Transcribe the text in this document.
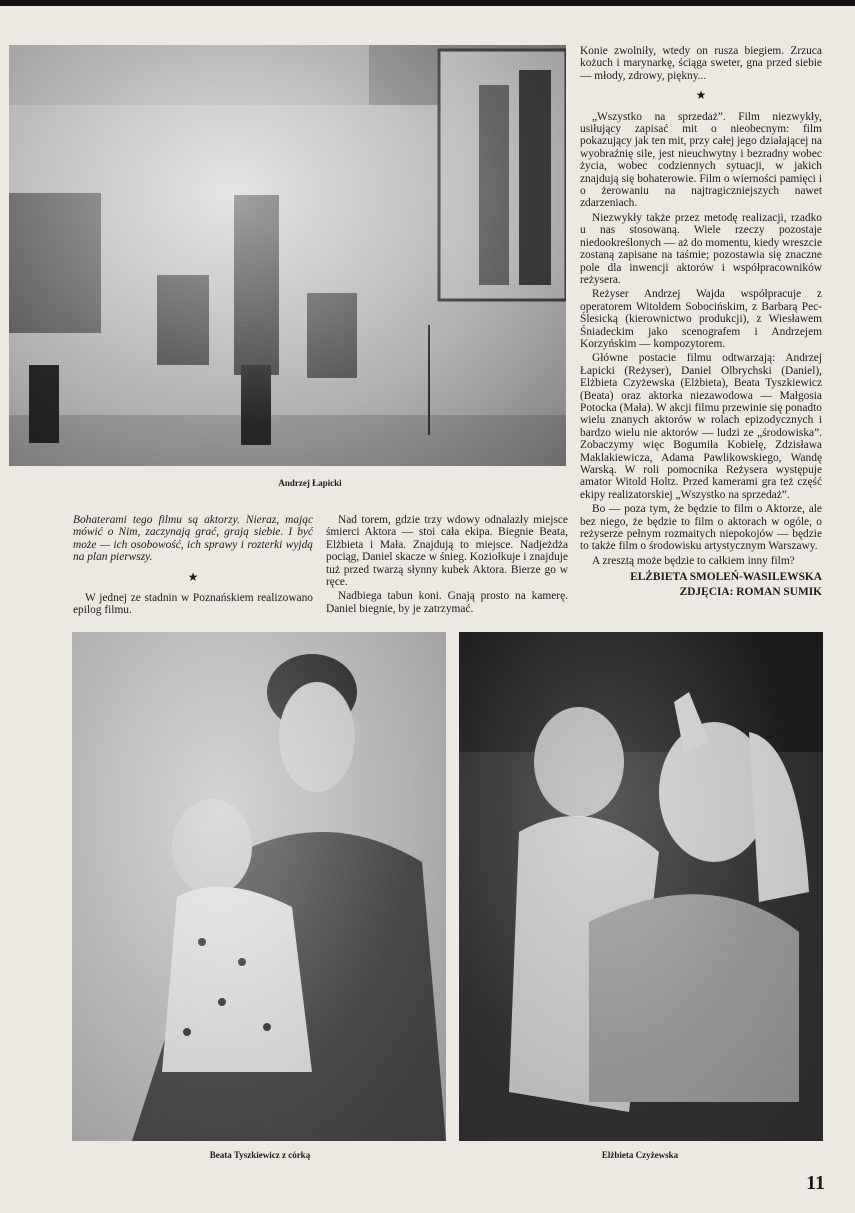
Andrzej Łapicki

Bohaterami tego filmu są aktorzy. Nieraz, mając mówić o Nim, zaczynają grać, grają siebie. I być może — ich osobowość, ich sprawy i rozterki wyjdą na plan pierwszy.

★

W jednej ze stadnin w Poznańskiem realizowano epilog filmu.

Nad torem, gdzie trzy wdowy odnalazły miejsce śmierci Aktora — stoi cała ekipa. Biegnie Beata, Elżbieta i Mała. Znajdują to miejsce. Nadjeżdża pociąg, Daniel skacze w śnieg. Koziołkuje i znajduje tuż przed twarzą słynny kubek Aktora. Bierze go w ręce.

Nadbiega tabun koni. Gnają prosto na kamerę. Daniel biegnie, by je zatrzymać.

Konie zwolniły, wtedy on rusza biegiem. Zrzuca kożuch i marynarkę, ściąga sweter, gna przed siebie — młody, zdrowy, piękny...

★

„Wszystko na sprzedaż”. Film niezwykły, usiłujący zapisać mit o nieobecnym: film pokazujący jak ten mit, przy całej jego działającej na wyobraźnię sile, jest nieuchwytny i bezradny wobec życia, wobec codziennych sytuacji, w jakich znajdują się bohaterowie. Film o wierności pamięci i o żerowaniu na najtragiczniejszych nawet zdarzeniach.

Niezwykły także przez metodę realizacji, rzadko u nas stosowaną. Wiele rzeczy pozostaje niedookreślonych — aż do momentu, kiedy wreszcie zostaną zapisane na taśmie; pozostawia się znaczne pole dla inwencji aktorów i współpracowników reżysera.

Reżyser Andrzej Wajda współpracuje z operatorem Witoldem Sobocińskim, z Barbarą Pec-Ślesicką (kierownictwo produkcji), z Wiesławem Śniadeckim jako scenografem i Andrzejem Korzyńskim — kompozytorem.

Główne postacie filmu odtwarzają: Andrzej Łapicki (Reżyser), Daniel Olbrychski (Daniel), Elżbieta Czyżewska (Elżbieta), Beata Tyszkiewicz (Beata) oraz aktorka niezawodowa — Małgosia Potocka (Mała). W akcji filmu przewinie się ponadto wielu znanych aktorów w rolach epizodycznych i bardzo wielu nie aktorów — ludzi ze „środowiska”. Zobaczymy więc Bogumiła Kobielę, Zdzisława Maklakiewicza, Adama Pawlikowskiego, Wandę Warską. W roli pomocnika Reżysera występuje amator Witold Holtz. Przed kamerami gra też część ekipy realizatorskiej „Wszystko na sprzedaż”.

Bo — poza tym, że będzie to film o Aktorze, ale bez niego, że będzie to film o aktorach w ogóle, o reżyserze pełnym rozmaitych niepokojów — będzie to także film o środowisku artystycznym Warszawy.

A zresztą może będzie to całkiem inny film?

ELŻBIETA SMOLEŃ-WASILEWSKA

ZDJĘCIA: ROMAN SUMIK

Beata Tyszkiewicz z córką	Elżbieta Czyżewska
11
